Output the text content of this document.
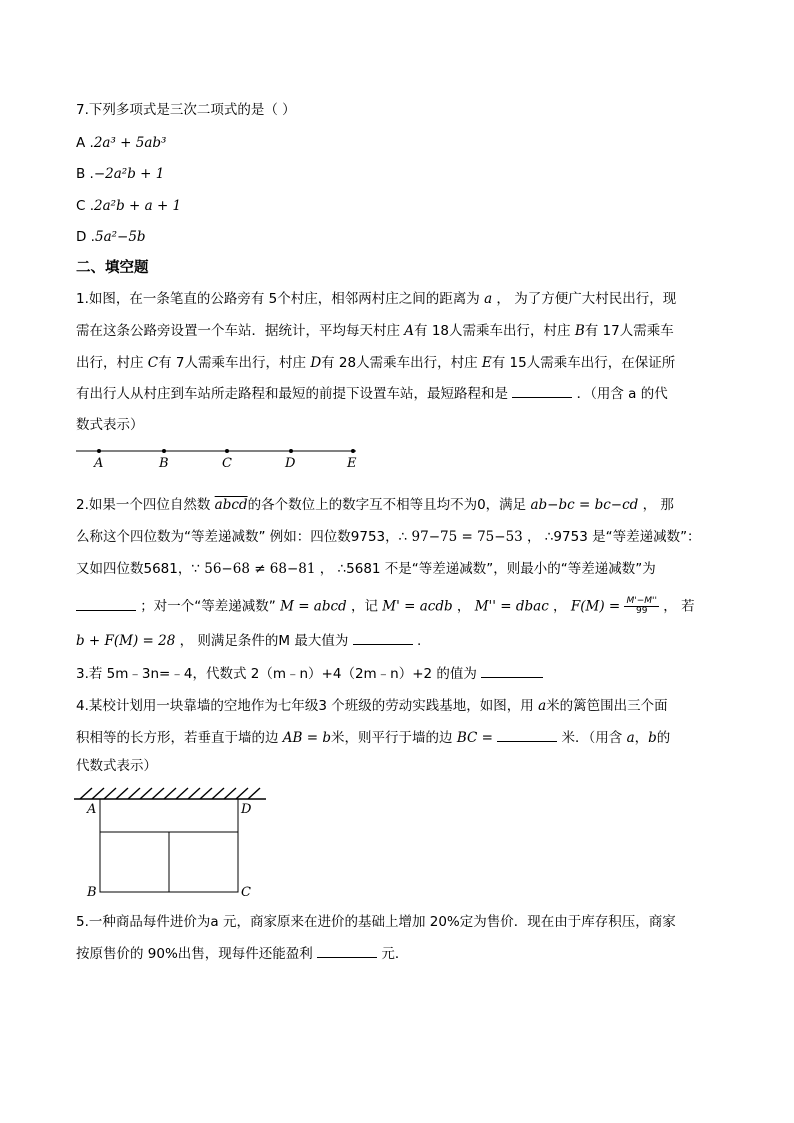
7.下列多项式是三次二项式的是（ ）
A .2a³ + 5ab³
B .−2a²b + 1
C .2a²b + a + 1
D .5a²−5b
二、填空题
1.如图，在一条笔直的公路旁有 5个村庄，相邻两村庄之间的距离为 a ， 为了方便广大村民出行，现
需在这条公路旁设置一个车站．据统计，平均每天村庄 A有 18人需乘车出行，村庄 B有 17人需乘车
出行，村庄 C有 7人需乘车出行，村庄 D有 28人需乘车出行，村庄 E有 15人需乘车出行，在保证所
有出行人从村庄到车站所走路程和最短的前提下设置车站，最短路程和是	．（用含 a 的代
数式表示）
A	B	C	D	E
2.如果一个四位自然数 abcd的各个数位上的数字互不相等且均不为0，满足 ab−bc = bc−cd ， 那
么称这个四位数为“等差递减数” 例如：四位数9753，∴ 97−75 = 75−53 ， ∴9753 是“等差递减数”：
又如四位数5681，∵ 56−68 ≠ 68−81 ， ∴5681 不是“等差递减数”，则最小的“等差递减数”为
；对一个“等差递减数” M = abcd ，记 M' = acdb ， M'' = dbac ， $F(M) = \frac{M'-M''}{99}$ ， 若
b + F(M) = 28 ， 则满足条件的M 最大值为	.
3.若 5m﹣3n=﹣4，代数式 2（m﹣n）+4（2m﹣n）+2 的值为
4.某校计划用一块靠墙的空地作为七年级3 个班级的劳动实践基地，如图，用 a米的篱笆围出三个面
积相等的长方形，若垂直于墙的边 AB = b米，则平行于墙的边 BC =	米．（用含 a，b的
代数式表示）
A	D
B	C
5.一种商品每件进价为a 元，商家原来在进价的基础上增加 20%定为售价．现在由于库存积压，商家
按原售价的 90%出售，现每件还能盈利	元．
